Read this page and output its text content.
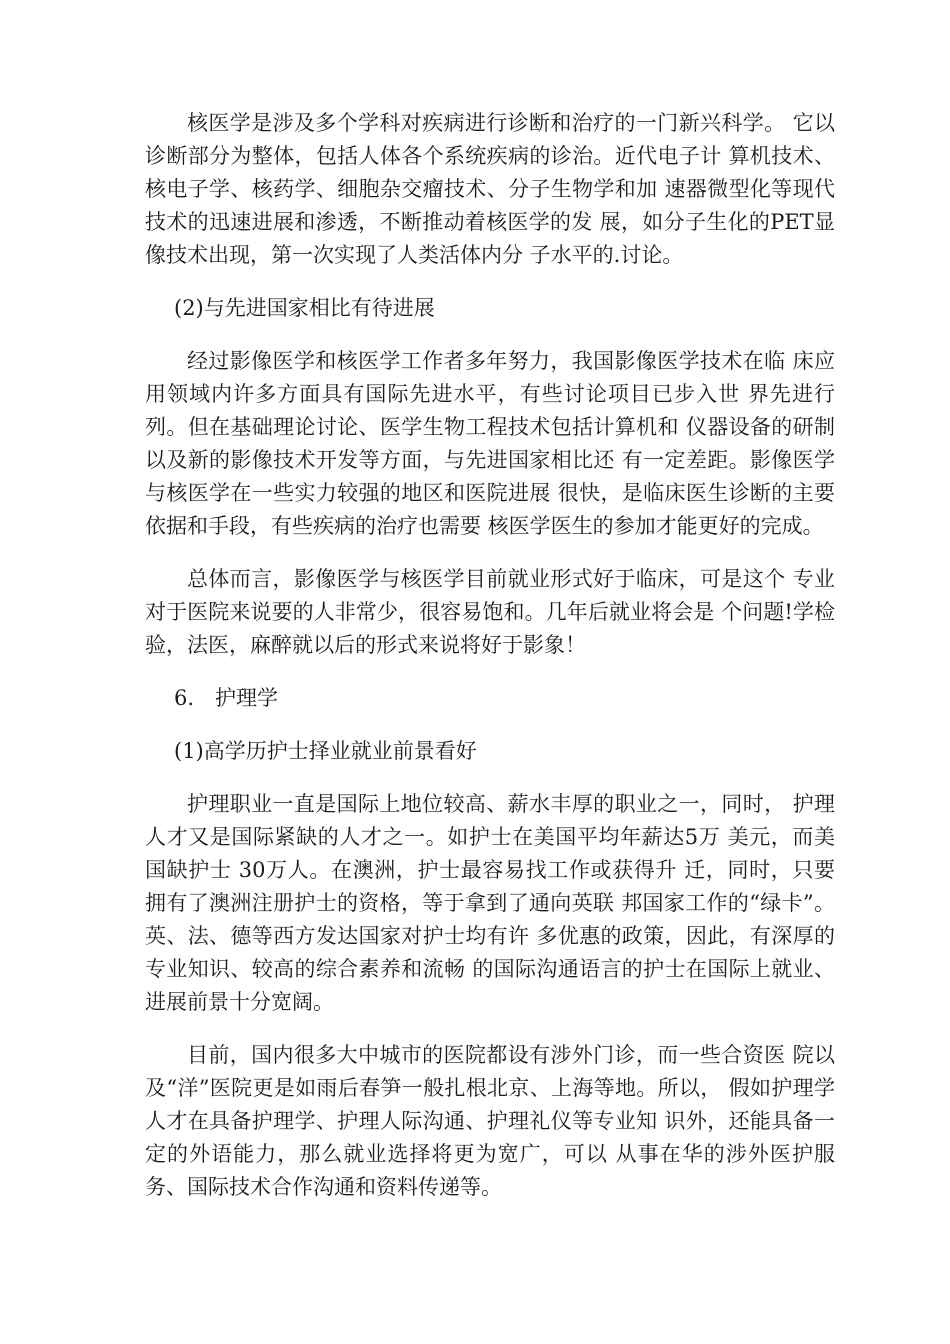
核医学是涉及多个学科对疾病进行诊断和治疗的一门新兴科学。 它以诊断部分为整体，包括人体各个系统疾病的诊治。近代电子计 算机技术、核电子学、核药学、细胞杂交瘤技术、分子生物学和加 速器微型化等现代技术的迅速进展和渗透，不断推动着核医学的发 展，如分子生化的PET显像技术出现，第一次实现了人类活体内分 子水平的.讨论。

(2)与先进国家相比有待进展

经过影像医学和核医学工作者多年努力，我国影像医学技术在临 床应用领域内许多方面具有国际先进水平，有些讨论项目已步入世 界先进行列。但在基础理论讨论、医学生物工程技术包括计算机和 仪器设备的研制以及新的影像技术开发等方面，与先进国家相比还 有一定差距。影像医学与核医学在一些实力较强的地区和医院进展 很快，是临床医生诊断的主要依据和手段，有些疾病的治疗也需要 核医学医生的参加才能更好的完成。

总体而言，影像医学与核医学目前就业形式好于临床，可是这个 专业对于医院来说要的人非常少，很容易饱和。几年后就业将会是 个问题!学检验，法医，麻醉就以后的形式来说将好于影象！

6.　护理学

(1)高学历护士择业就业前景看好

护理职业一直是国际上地位较高、薪水丰厚的职业之一，同时， 护理人才又是国际紧缺的人才之一。如护士在美国平均年薪达5万 美元，而美国缺护士 30万人。在澳洲，护士最容易找工作或获得升 迁，同时，只要拥有了澳洲注册护士的资格，等于拿到了通向英联 邦国家工作的“绿卡”。英、法、德等西方发达国家对护士均有许 多优惠的政策，因此，有深厚的专业知识、较高的综合素养和流畅 的国际沟通语言的护士在国际上就业、进展前景十分宽阔。

目前，国内很多大中城市的医院都设有涉外门诊，而一些合资医 院以及“洋”医院更是如雨后春笋一般扎根北京、上海等地。所以， 假如护理学人才在具备护理学、护理人际沟通、护理礼仪等专业知 识外，还能具备一定的外语能力，那么就业选择将更为宽广，可以 从事在华的涉外医护服务、国际技术合作沟通和资料传递等。
